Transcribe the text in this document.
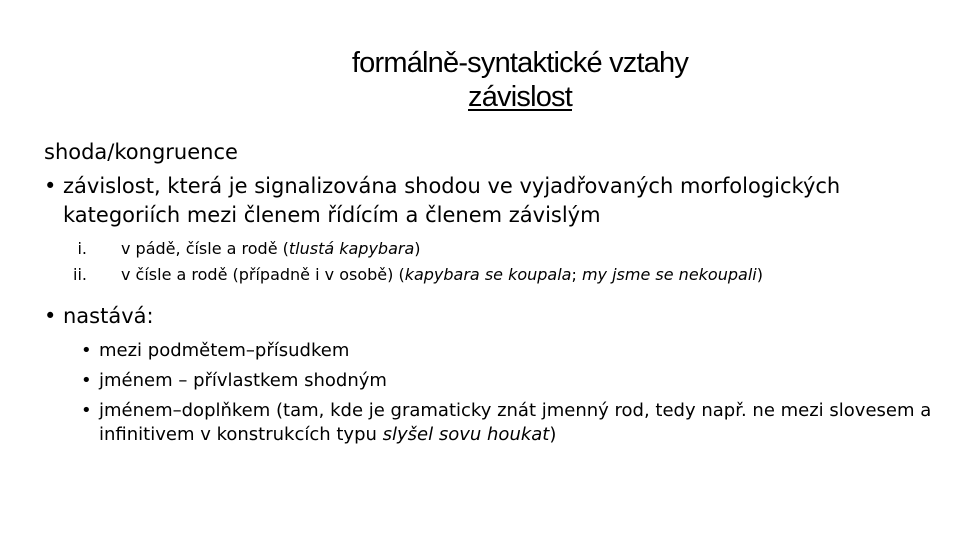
formálně-syntaktické vztahy
závislost
shoda/kongruence
• závislost, která je signalizována shodou ve vyjadřovaných morfologických kategoriích mezi členem řídícím a členem závislým
i. v pádě, čísle a rodě (tlustá kapybara)
ii. v čísle a rodě (případně i v osobě) (kapybara se koupala; my jsme se nekoupali)
• nastává:
• mezi podmětem–přísudkem
• jménem – přívlastkem shodným
• jménem–doplňkem (tam, kde je gramaticky znát jmenný rod, tedy např. ne mezi slovesem a infinitivem v konstrukcích typu slyšel sovu houkat)
